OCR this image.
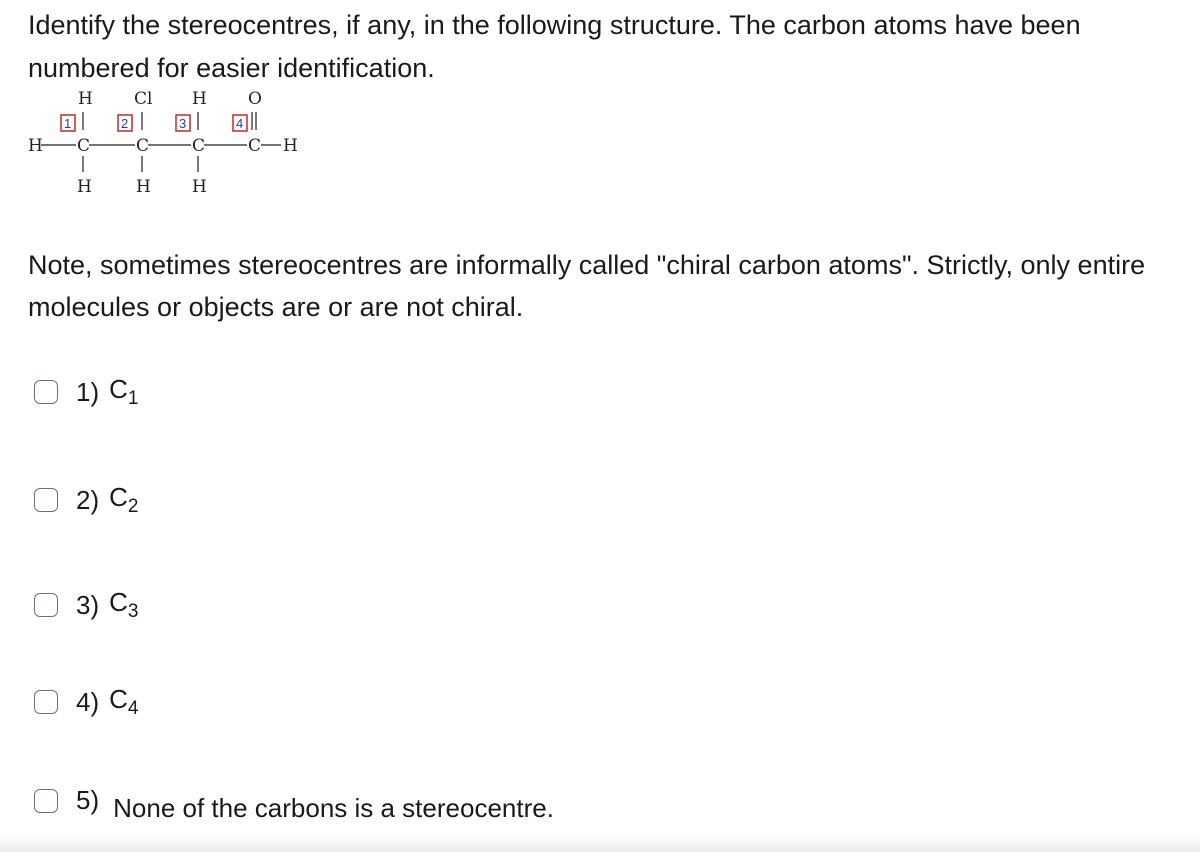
Identify the stereocentres, if any, in the following structure. The carbon atoms have been numbered for easier identification.

H Cl H O
1	2	3	4
H C	C	C	C H
H	H H

Note, sometimes stereocentres are informally called "chiral carbon atoms". Strictly, only entire molecules or objects are or are not chiral.

1) $C_1$
2) $C_2$
3) $C_3$
4) $C_4$
5) None of the carbons is a stereocentre.
